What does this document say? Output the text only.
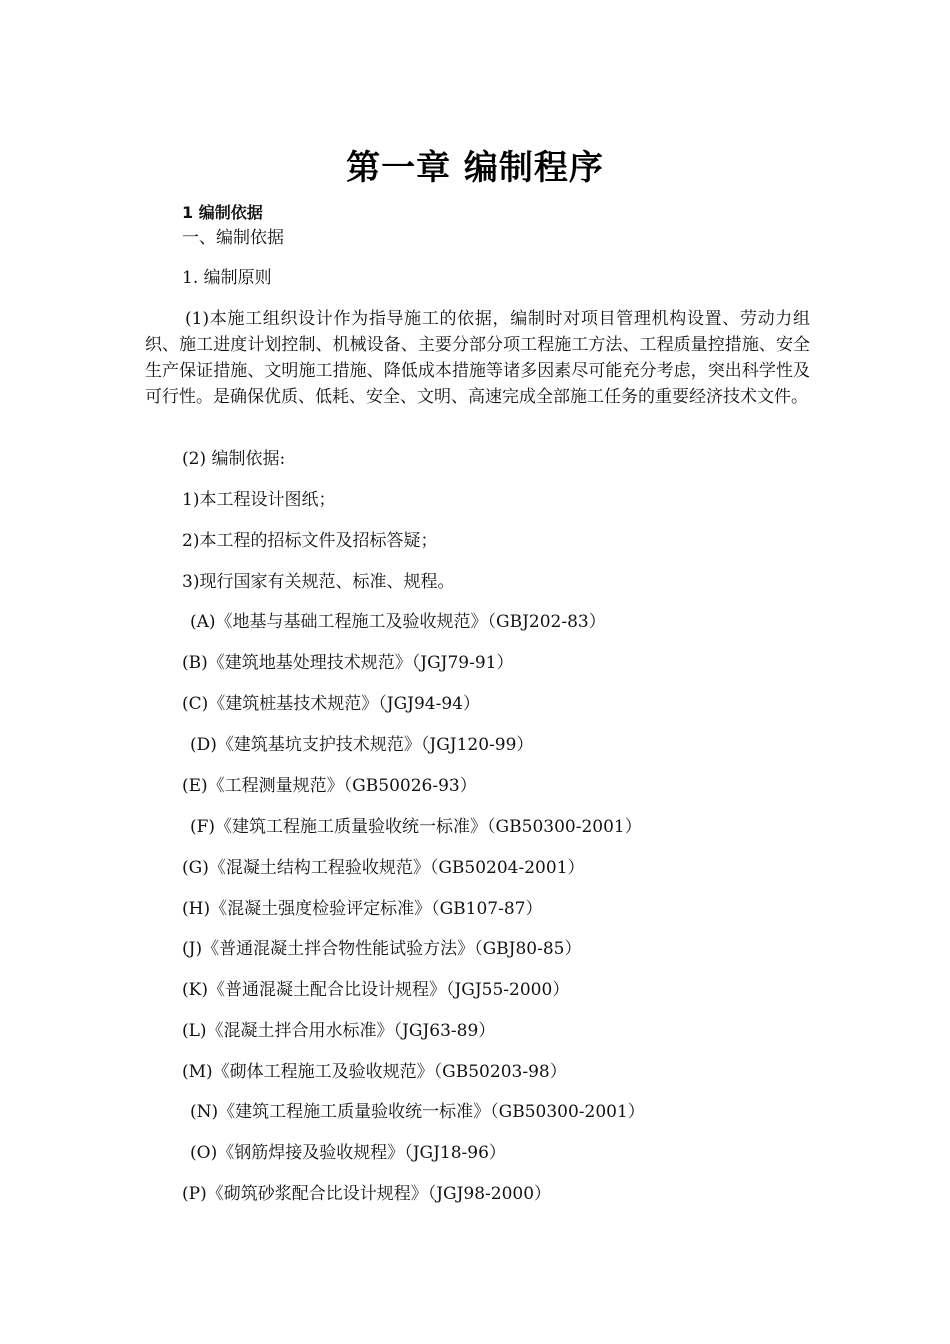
第一章 编制程序
1 编制依据
一、编制依据
1. 编制原则
(1)本施工组织设计作为指导施工的依据，编制时对项目管理机构设置、劳动力组织、施工进度计划控制、机械设备、主要分部分项工程施工方法、工程质量控措施、安全生产保证措施、文明施工措施、降低成本措施等诸多因素尽可能充分考虑，突出科学性及可行性。是确保优质、低耗、安全、文明、高速完成全部施工任务的重要经济技术文件。
(2) 编制依据:
1)本工程设计图纸；
2)本工程的招标文件及招标答疑；
3)现行国家有关规范、标准、规程。
(A)《地基与基础工程施工及验收规范》（GBJ202-83）
(B)《建筑地基处理技术规范》（JGJ79-91）
(C)《建筑桩基技术规范》（JGJ94-94）
(D)《建筑基坑支护技术规范》（JGJ120-99）
(E)《工程测量规范》（GB50026-93）
(F)《建筑工程施工质量验收统一标准》（GB50300-2001）
(G)《混凝土结构工程验收规范》（GB50204-2001）
(H)《混凝土强度检验评定标准》（GB107-87）
(J)《普通混凝土拌合物性能试验方法》（GBJ80-85）
(K)《普通混凝土配合比设计规程》（JGJ55-2000）
(L)《混凝土拌合用水标准》（JGJ63-89）
(M)《砌体工程施工及验收规范》（GB50203-98）
(N)《建筑工程施工质量验收统一标准》（GB50300-2001）
(O)《钢筋焊接及验收规程》（JGJ18-96）
(P)《砌筑砂浆配合比设计规程》（JGJ98-2000）
